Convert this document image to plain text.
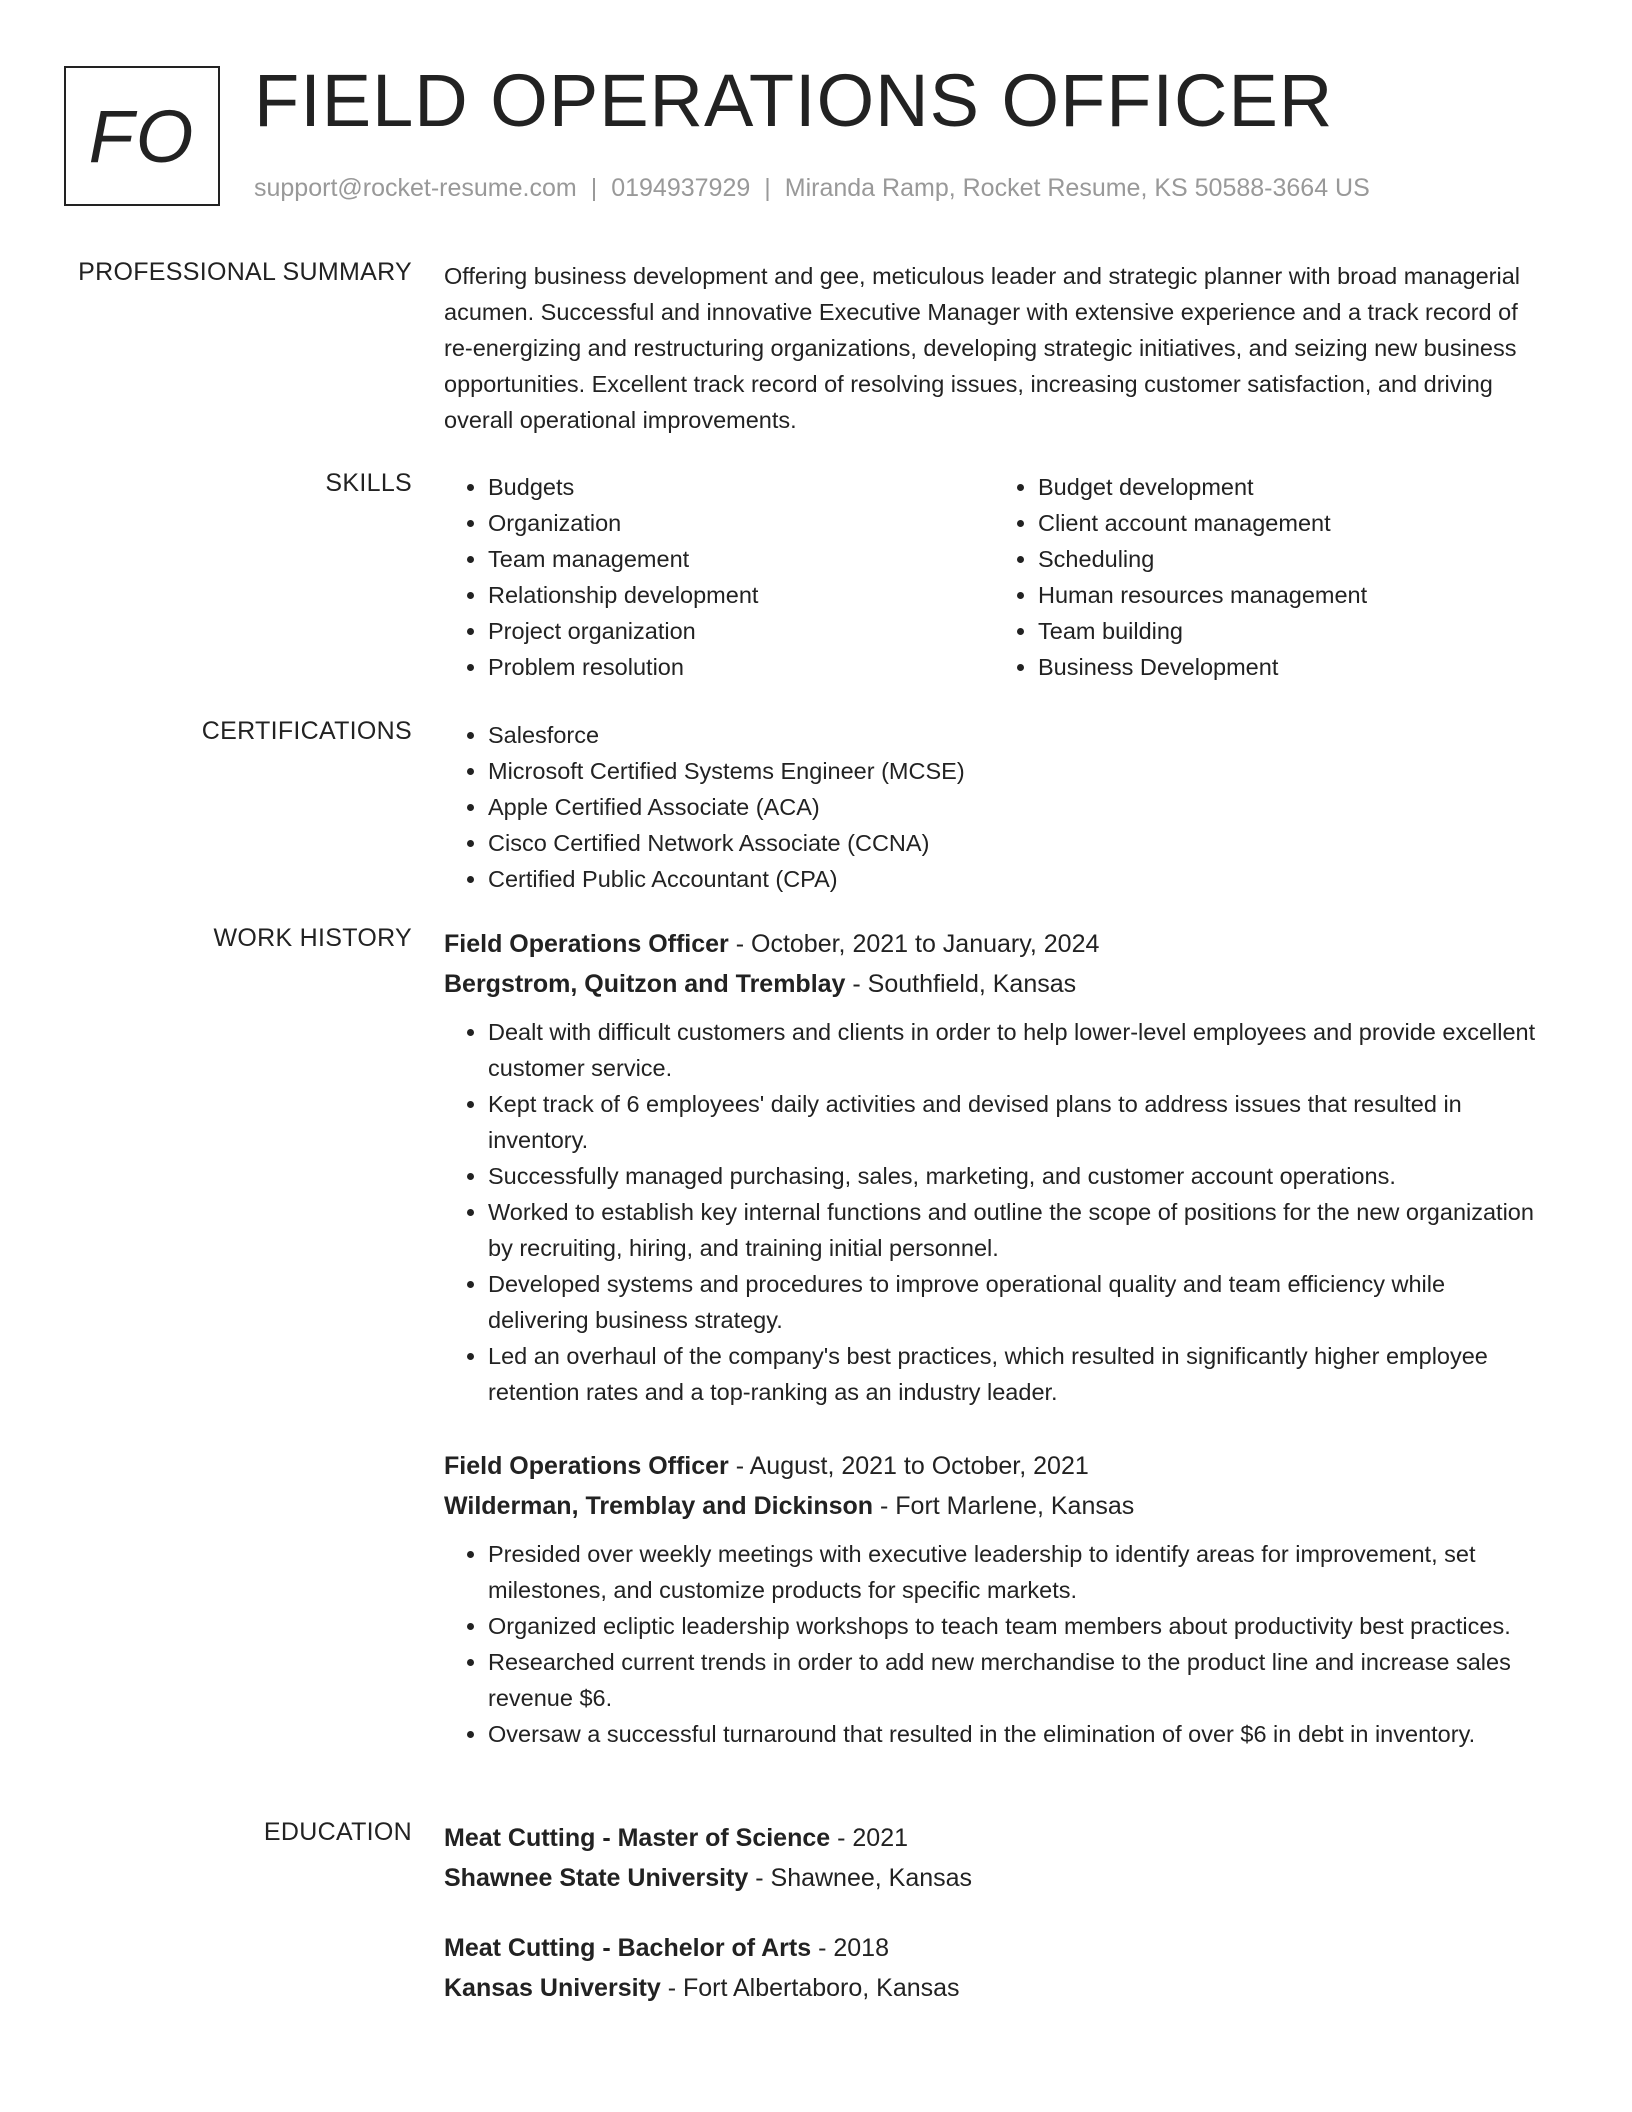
FO FIELD OPERATIONS OFFICER
support@rocket-resume.com | 0194937929 | Miranda Ramp, Rocket Resume, KS 50588-3664 US
PROFESSIONAL SUMMARY Offering business development and gee, meticulous leader and strategic planner with broad managerial acumen. Successful and innovative Executive Manager with extensive experience and a track record of re-energizing and restructuring organizations, developing strategic initiatives, and seizing new business opportunities. Excellent track record of resolving issues, increasing customer satisfaction, and driving overall operational improvements.

SKILLS	• Budgets
• Organization
• Team management
• Relationship development
• Project organization
• Problem resolution
• Budget development
• Client account management
• Scheduling
• Human resources management
• Team building
• Business Development
CERTIFICATIONS	• Salesforce
• Microsoft Certified Systems Engineer (MCSE)
• Apple Certified Associate (ACA)
• Cisco Certified Network Associate (CCNA)
• Certified Public Accountant (CPA)
WORK HISTORY Field Operations Officer - October, 2021 to January, 2024
Bergstrom, Quitzon and Tremblay - Southfield, Kansas
• Dealt with difficult customers and clients in order to help lower-level employees and provide excellent customer service.
• Kept track of 6 employees' daily activities and devised plans to address issues that resulted in inventory.
• Successfully managed purchasing, sales, marketing, and customer account operations.
• Worked to establish key internal functions and outline the scope of positions for the new organization by recruiting, hiring, and training initial personnel.
• Developed systems and procedures to improve operational quality and team efficiency while delivering business strategy.
• Led an overhaul of the company's best practices, which resulted in significantly higher employee retention rates and a top-ranking as an industry leader.
Field Operations Officer - August, 2021 to October, 2021
Wilderman, Tremblay and Dickinson - Fort Marlene, Kansas
• Presided over weekly meetings with executive leadership to identify areas for improvement, set milestones, and customize products for specific markets.
• Organized ecliptic leadership workshops to teach team members about productivity best practices.
• Researched current trends in order to add new merchandise to the product line and increase sales revenue $6.
• Oversaw a successful turnaround that resulted in the elimination of over $6 in debt in inventory.
EDUCATION Meat Cutting - Master of Science - 2021
Shawnee State University - Shawnee, Kansas
Meat Cutting - Bachelor of Arts - 2018
Kansas University - Fort Albertaboro, Kansas
